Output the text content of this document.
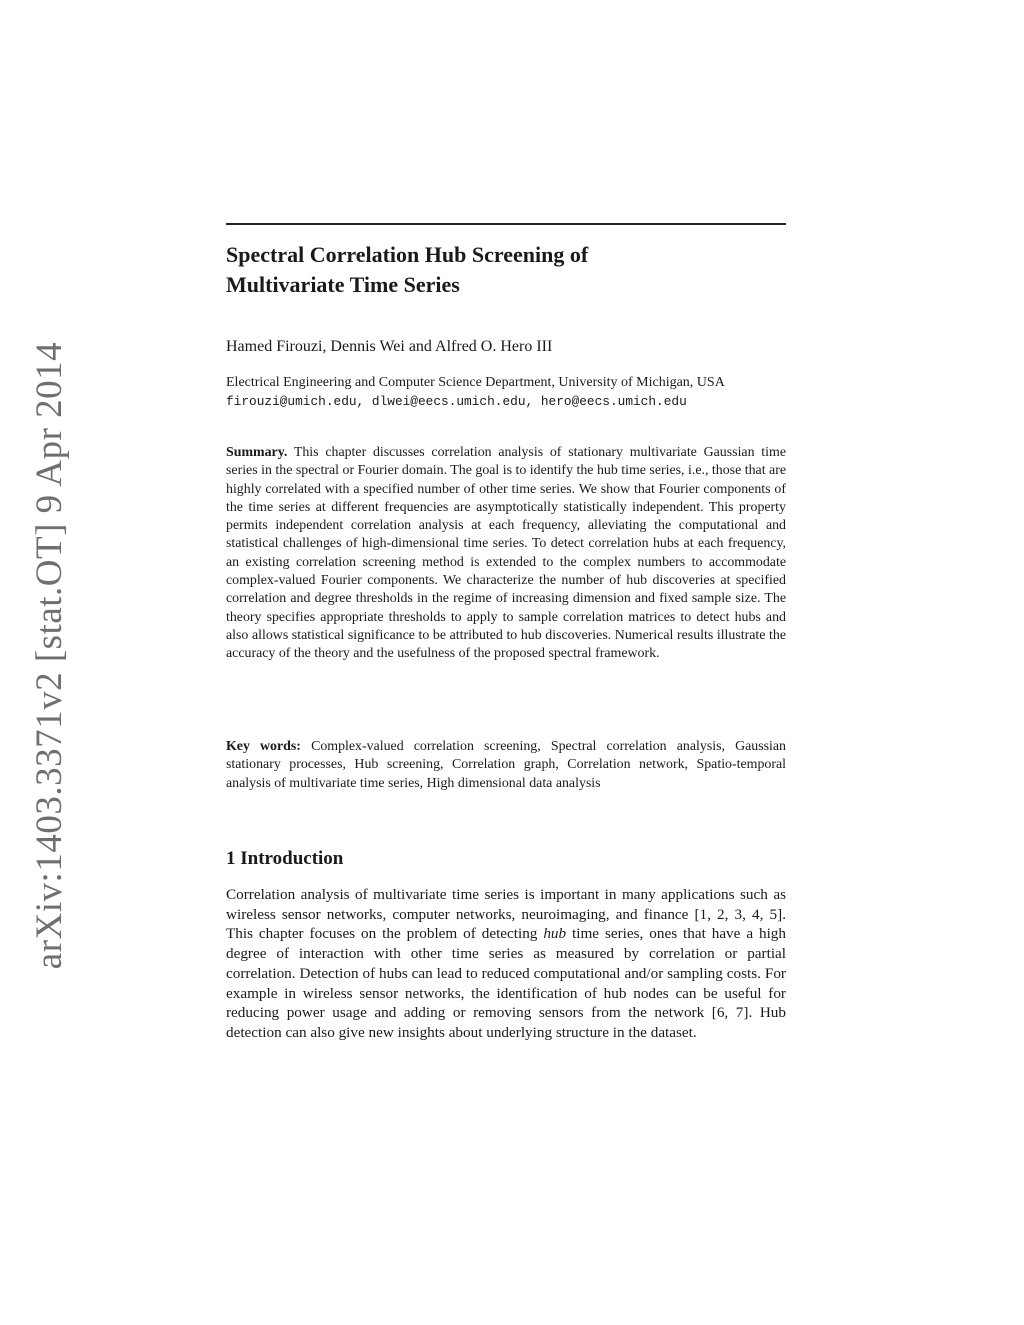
arXiv:1403.3371v2 [stat.OT] 9 Apr 2014
Spectral Correlation Hub Screening of
Multivariate Time Series
Hamed Firouzi, Dennis Wei and Alfred O. Hero III
Electrical Engineering and Computer Science Department, University of Michigan, USA firouzi@umich.edu, dlwei@eecs.umich.edu, hero@eecs.umich.edu

Summary. This chapter discusses correlation analysis of stationary multivariate Gaussian time series in the spectral or Fourier domain. The goal is to identify the hub time series, i.e., those that are highly correlated with a specified number of other time series. We show that Fourier components of the time series at different frequencies are asymptotically statistically independent. This property permits independent correlation analysis at each frequency, alleviating the computational and statistical challenges of high-dimensional time series. To detect correlation hubs at each frequency, an existing correlation screening method is extended to the complex numbers to accommodate complex-valued Fourier components. We characterize the number of hub discoveries at specified correlation and degree thresholds in the regime of increasing dimension and fixed sample size. The theory specifies appropriate thresholds to apply to sample correlation matrices to detect hubs and also allows statistical significance to be attributed to hub discoveries. Numerical results illustrate the accuracy of the theory and the usefulness of the proposed spectral framework.

Key words: Complex-valued correlation screening, Spectral correlation analysis, Gaussian stationary processes, Hub screening, Correlation graph, Correlation network, Spatio-temporal analysis of multivariate time series, High dimensional data analysis

1 Introduction

Correlation analysis of multivariate time series is important in many applications such as wireless sensor networks, computer networks, neuroimaging, and finance [1, 2, 3, 4, 5]. This chapter focuses on the problem of detecting hub time series, ones that have a high degree of interaction with other time series as measured by correlation or partial correlation. Detection of hubs can lead to reduced computational and/or sampling costs. For example in wireless sensor networks, the identification of hub nodes can be useful for reducing power usage and adding or removing sensors from the network [6, 7]. Hub detection can also give new insights about underlying structure in the dataset.
